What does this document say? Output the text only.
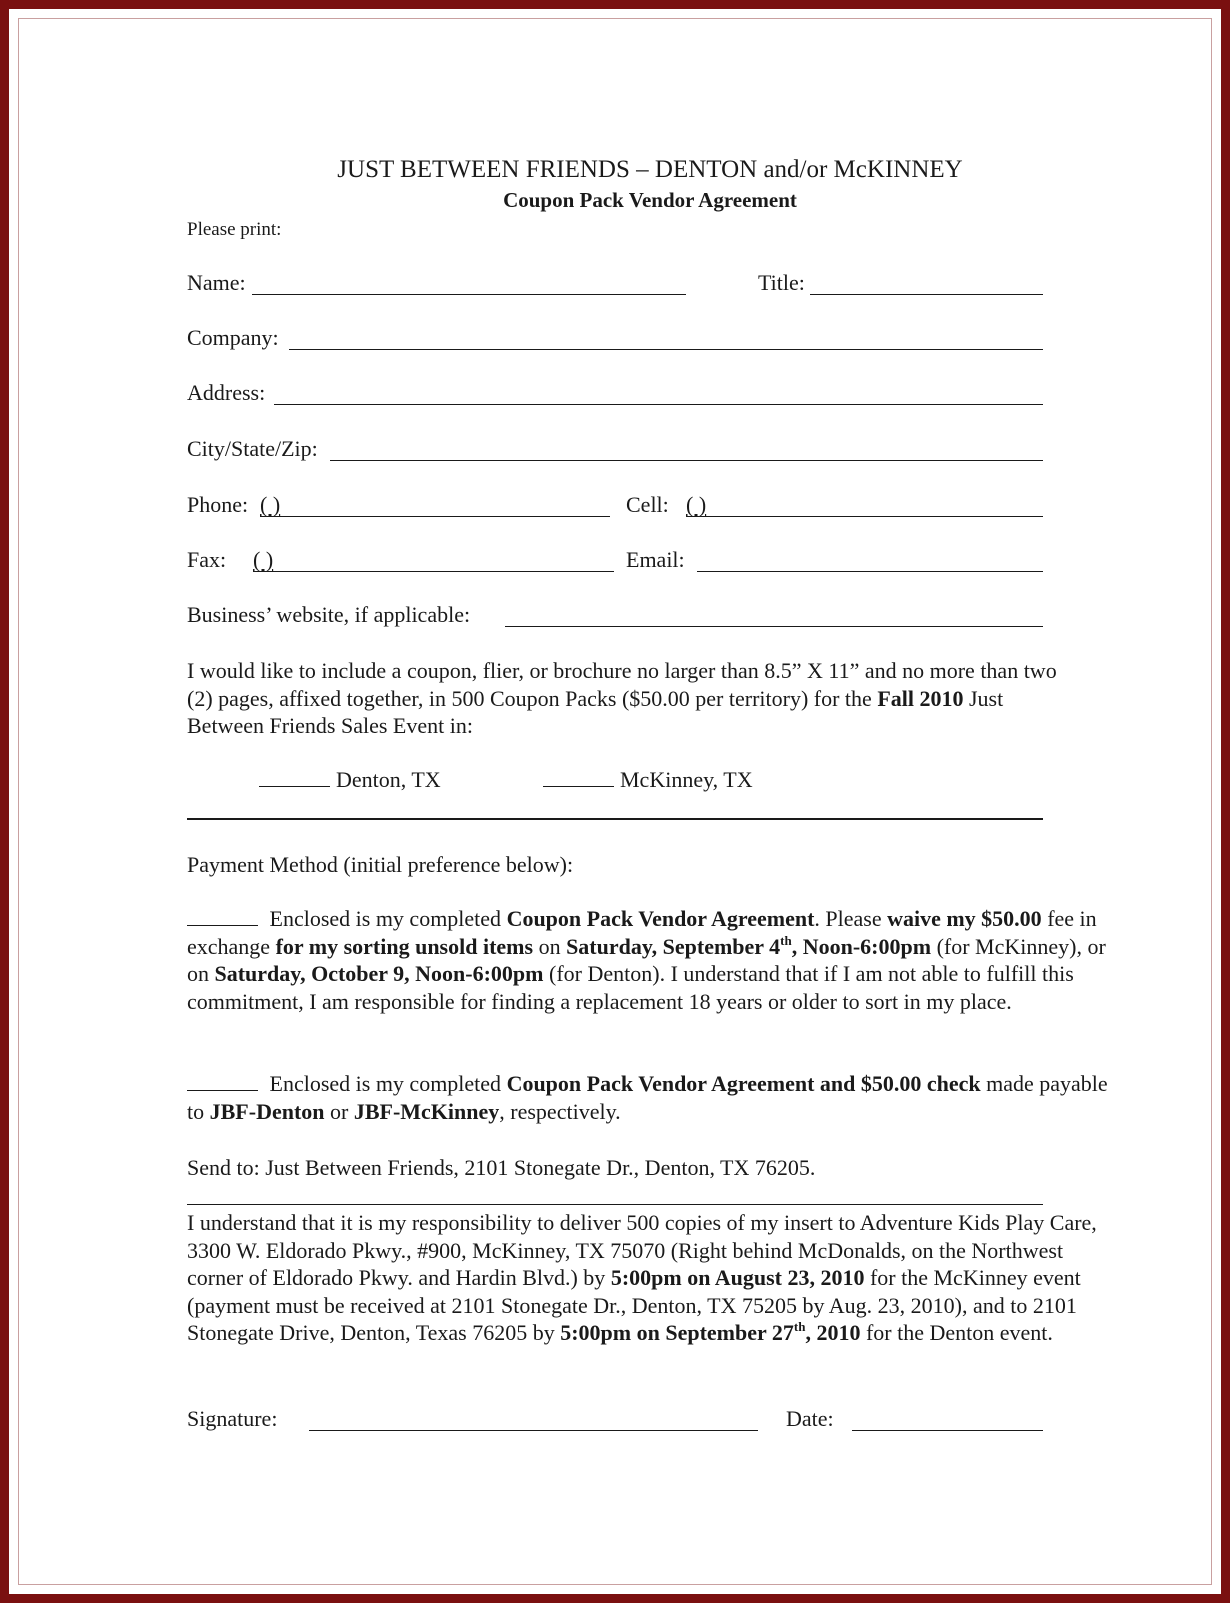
JUST BETWEEN FRIENDS – DENTON and/or McKINNEY
Coupon Pack Vendor Agreement
Please print:
Name:	Title:
Company:
Address:
City/State/Zip:
Phone: ( )	Cell: ( )
Fax: ( )	Email:
Business’ website, if applicable:
I would like to include a coupon, flier, or brochure no larger than 8.5” X 11” and no more than two (2) pages, affixed together, in 500 Coupon Packs ($50.00 per territory) for the Fall 2010 Just Between Friends Sales Event in:
Denton, TX	McKinney, TX
Payment Method (initial preference below):
Enclosed is my completed Coupon Pack Vendor Agreement. Please waive my $50.00 fee in exchange for my sorting unsold items on Saturday, September 4th, Noon-6:00pm (for McKinney), or on Saturday, October 9, Noon-6:00pm (for Denton). I understand that if I am not able to fulfill this commitment, I am responsible for finding a replacement 18 years or older to sort in my place.
Enclosed is my completed Coupon Pack Vendor Agreement and $50.00 check made payable to JBF-Denton or JBF-McKinney, respectively.
Send to: Just Between Friends, 2101 Stonegate Dr., Denton, TX 76205.
I understand that it is my responsibility to deliver 500 copies of my insert to Adventure Kids Play Care, 3300 W. Eldorado Pkwy., #900, McKinney, TX 75070 (Right behind McDonalds, on the Northwest corner of Eldorado Pkwy. and Hardin Blvd.) by 5:00pm on August 23, 2010 for the McKinney event (payment must be received at 2101 Stonegate Dr., Denton, TX 75205 by Aug. 23, 2010), and to 2101 Stonegate Drive, Denton, Texas 76205 by 5:00pm on September 27th, 2010 for the Denton event.
Signature:	Date:
